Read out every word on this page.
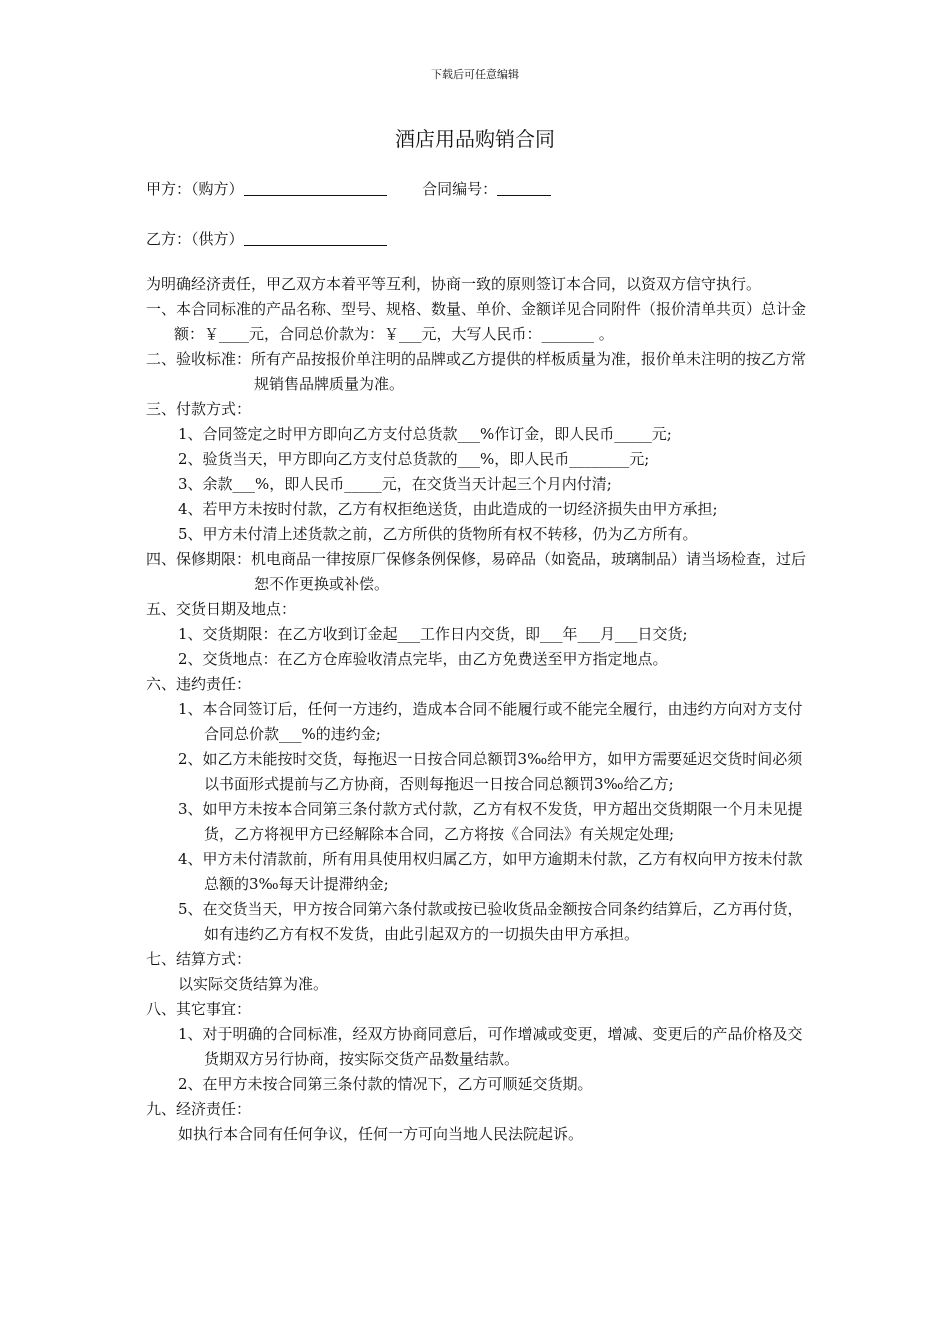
下载后可任意编辑
酒店用品购销合同
甲方：（购方）	合同编号：
乙方：（供方）

为明确经济责任，甲乙双方本着平等互利，协商一致的原则签订本合同，以资双方信守执行。

一、本合同标准的产品名称、型号、规格、数量、单价、金额详见合同附件（报价清单共页）总计金额：￥____元，合同总价款为：￥___元，大写人民币：_______ 。

二、验收标准：所有产品按报价单注明的品牌或乙方提供的样板质量为准，报价单未注明的按乙方常规销售品牌质量为准。

三、付款方式：

1、合同签定之时甲方即向乙方支付总货款___%作订金，即人民币_____元;

2、验货当天，甲方即向乙方支付总货款的___%，即人民币________元;

3、余款___%，即人民币_____元，在交货当天计起三个月内付清;

4、若甲方未按时付款，乙方有权拒绝送货，由此造成的一切经济损失由甲方承担;

5、甲方未付清上述货款之前，乙方所供的货物所有权不转移，仍为乙方所有。

四、保修期限：机电商品一律按原厂保修条例保修，易碎品（如瓷品，玻璃制品）请当场检查，过后恕不作更换或补偿。

五、交货日期及地点：

1、交货期限：在乙方收到订金起___工作日内交货，即___年___月___日交货;

2、交货地点：在乙方仓库验收清点完毕，由乙方免费送至甲方指定地点。

六、违约责任：

1、本合同签订后，任何一方违约，造成本合同不能履行或不能完全履行，由违约方向对方支付合同总价款___%的违约金;

2、如乙方未能按时交货，每拖迟一日按合同总额罚3‰给甲方，如甲方需要延迟交货时间必须以书面形式提前与乙方协商，否则每拖迟一日按合同总额罚3‰给乙方;

3、如甲方未按本合同第三条付款方式付款，乙方有权不发货，甲方超出交货期限一个月未见提货，乙方将视甲方已经解除本合同，乙方将按《合同法》有关规定处理;

4、甲方未付清款前，所有用具使用权归属乙方，如甲方逾期未付款，乙方有权向甲方按未付款总额的3‰每天计提滞纳金;

5、在交货当天，甲方按合同第六条付款或按已验收货品金额按合同条约结算后，乙方再付货，如有违约乙方有权不发货，由此引起双方的一切损失由甲方承担。

七、结算方式：

以实际交货结算为准。

八、其它事宜：

1、对于明确的合同标准，经双方协商同意后，可作增减或变更，增减、变更后的产品价格及交货期双方另行协商，按实际交货产品数量结款。

2、在甲方未按合同第三条付款的情况下，乙方可顺延交货期。

九、经济责任：

如执行本合同有任何争议，任何一方可向当地人民法院起诉。
